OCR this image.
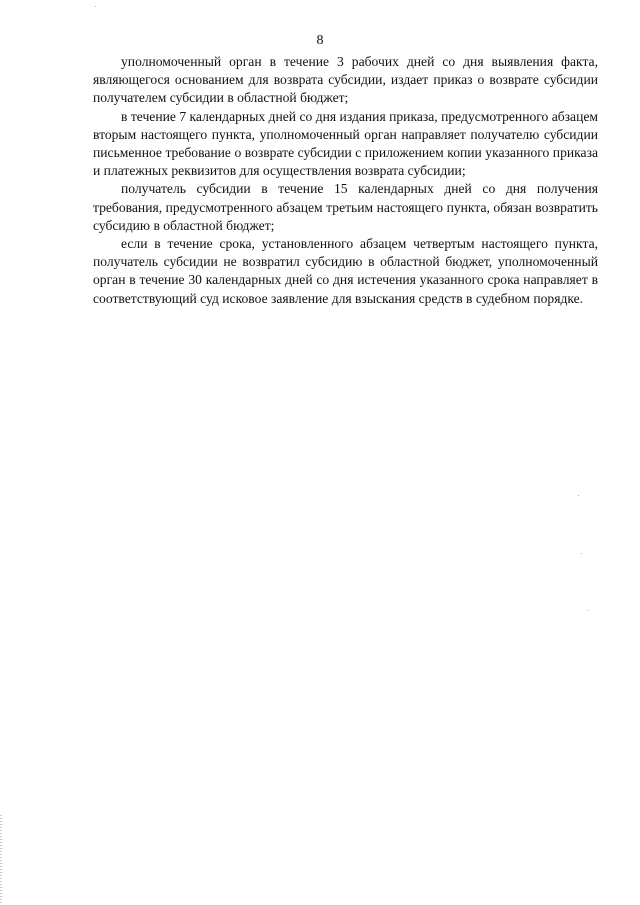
8

уполномоченный орган в течение 3 рабочих дней со дня выявления факта, являющегося основанием для возврата субсидии, издает приказ о возврате субсидии получателем субсидии в областной бюджет;

в течение 7 календарных дней со дня издания приказа, предусмотренного абзацем вторым настоящего пункта, уполномоченный орган направляет получателю субсидии письменное требование о возврате субсидии с приложением копии указанного приказа и платежных реквизитов для осуществления возврата субсидии;

получатель субсидии в течение 15 календарных дней со дня получения требования, предусмотренного абзацем третьим настоящего пункта, обязан возвратить субсидию в областной бюджет;

если в течение срока, установленного абзацем четвертым настоящего пункта, получатель субсидии не возвратил субсидию в областной бюджет, уполномоченный орган в течение 30 календарных дней со дня истечения указанного срока направляет в соответствующий суд исковое заявление для взыскания средств в судебном порядке.
